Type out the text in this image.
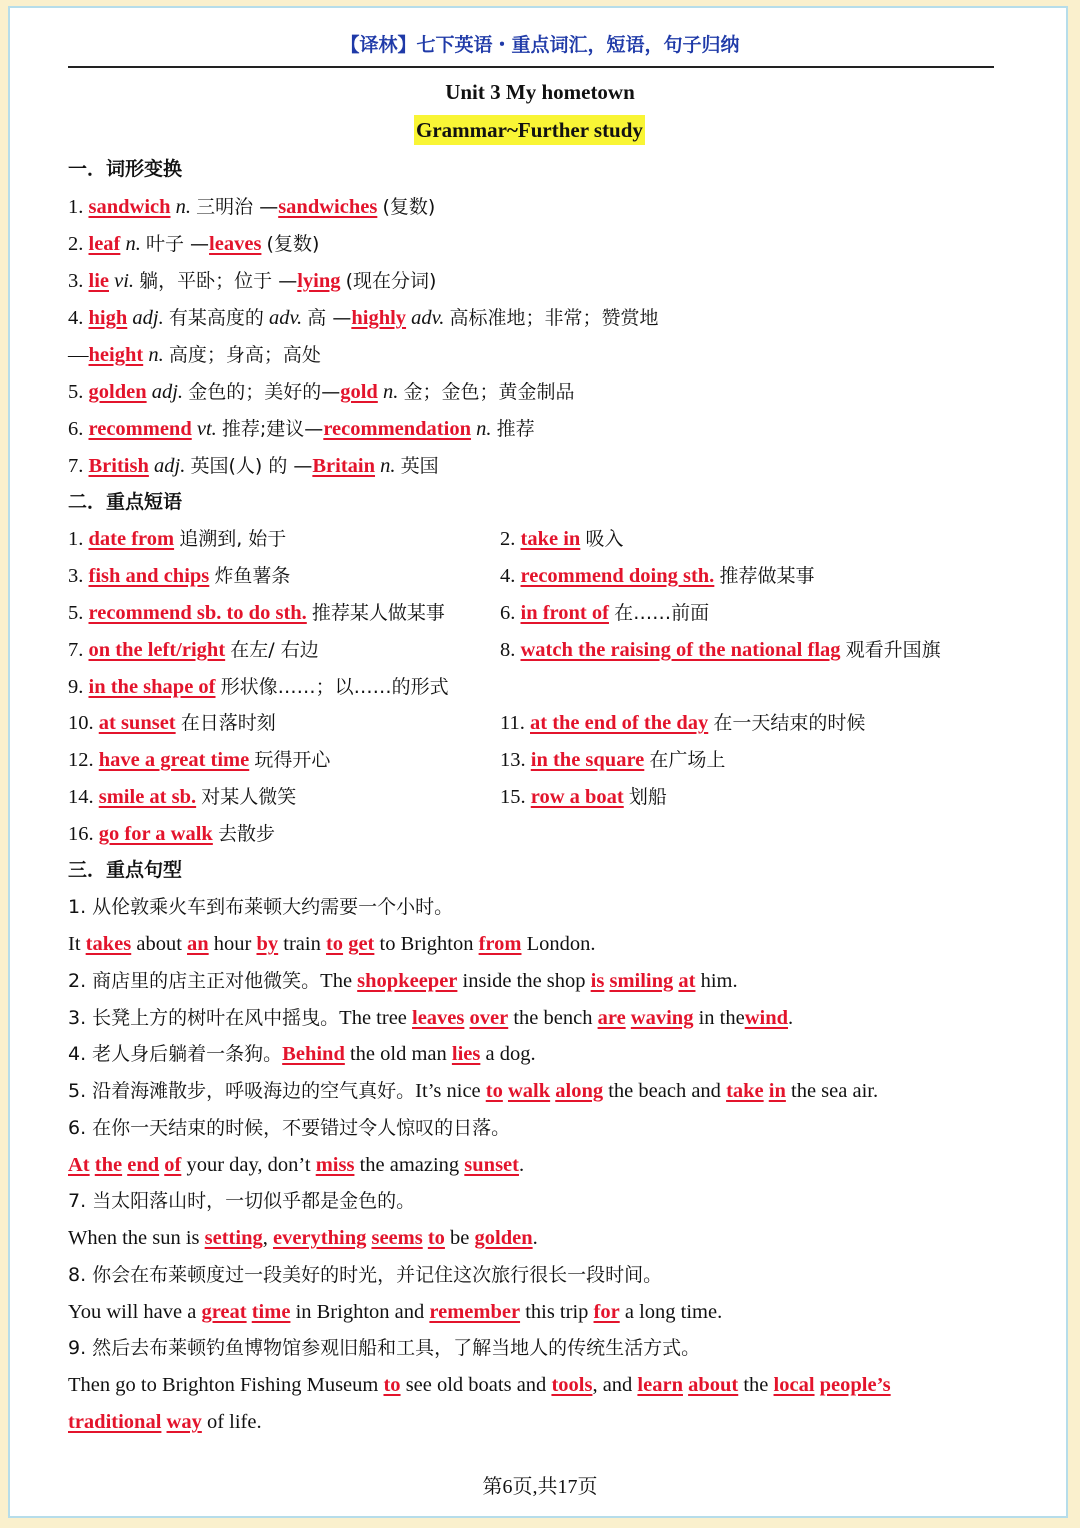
【译林】七下英语・重点词汇，短语，句子归纳
Unit 3 My hometown
Grammar~Further study
一．词形变换
1. sandwich n. 三明治 —sandwiches (复数)
2. leaf n. 叶子 —leaves (复数)
3. lie vi. 躺，平卧；位于 —lying (现在分词)
4. high adj. 有某高度的 adv. 高 —highly adv. 高标准地；非常；赞赏地
—height n. 高度；身高；高处
5. golden adj. 金色的；美好的—gold n. 金；金色；黄金制品
6. recommend vt. 推荐;建议—recommendation n. 推荐
7. British adj. 英国(人) 的 —Britain n. 英国
二．重点短语
1. date from 追溯到, 始于	2. take in 吸入
3. fish and chips 炸鱼薯条	4. recommend doing sth. 推荐做某事
5. recommend sb. to do sth. 推荐某人做某事	6. in front of 在……前面
7. on the left/right 在左/ 右边	8. watch the raising of the national flag 观看升国旗
9. in the shape of 形状像……；以……的形式
10. at sunset 在日落时刻	11. at the end of the day 在一天结束的时候
12. have a great time 玩得开心	13. in the square 在广场上
14. smile at sb. 对某人微笑	15. row a boat 划船
16. go for a walk 去散步
三．重点句型
1. 从伦敦乘火车到布莱顿大约需要一个小时。
It takes about an hour by train to get to Brighton from London.
2. 商店里的店主正对他微笑。The shopkeeper inside the shop is smiling at him.
3. 长凳上方的树叶在风中摇曳。The tree leaves over the bench are waving in thewind.
4. 老人身后躺着一条狗。Behind the old man lies a dog.
5. 沿着海滩散步，呼吸海边的空气真好。It’s nice to walk along the beach and take in the sea air.
6. 在你一天结束的时候，不要错过令人惊叹的日落。
At the end of your day, don’t miss the amazing sunset.
7. 当太阳落山时，一切似乎都是金色的。
When the sun is setting, everything seems to be golden.
8. 你会在布莱顿度过一段美好的时光，并记住这次旅行很长一段时间。
You will have a great time in Brighton and remember this trip for a long time.
9. 然后去布莱顿钓鱼博物馆参观旧船和工具，了解当地人的传统生活方式。
Then go to Brighton Fishing Museum to see old boats and tools, and learn about the local people’s
traditional way of life.
第6页,共17页
